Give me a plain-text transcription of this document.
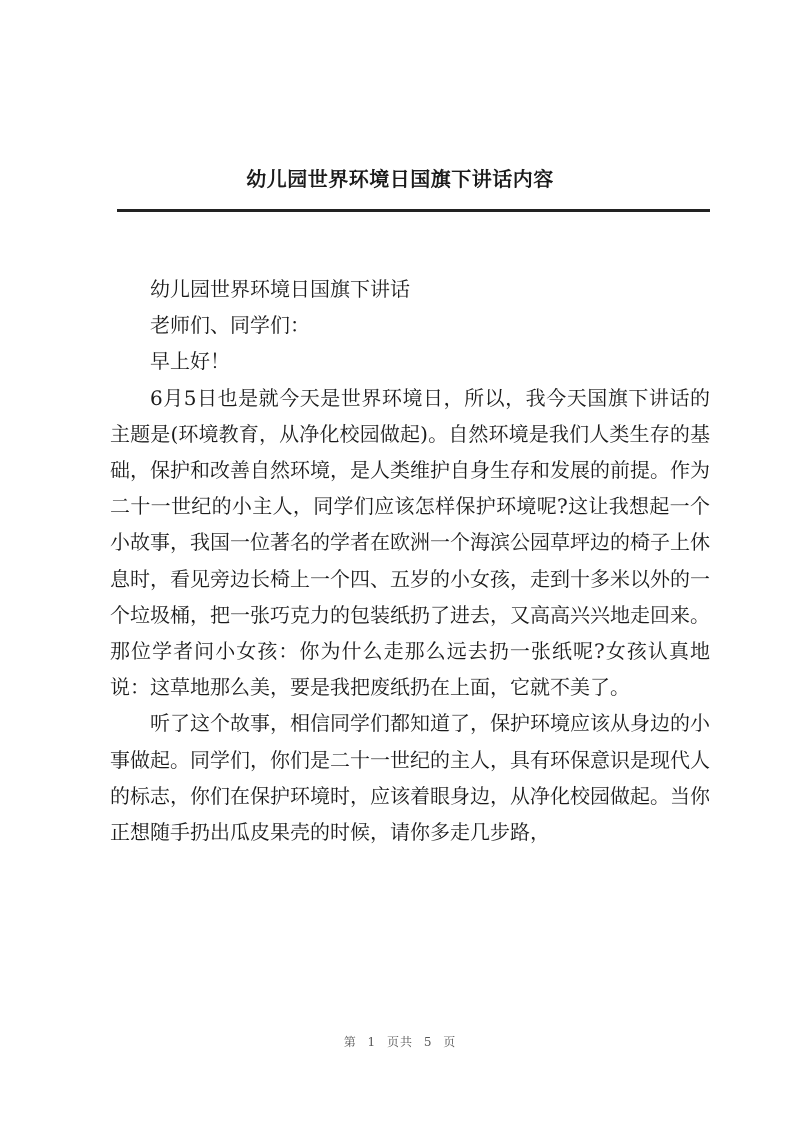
幼儿园世界环境日国旗下讲话内容

幼儿园世界环境日国旗下讲话

老师们、同学们：

早上好！

6月5日也是就今天是世界环境日，所以，我今天国旗下讲话的主题是(环境教育，从净化校园做起)。自然环境是我们人类生存的基础，保护和改善自然环境，是人类维护自身生存和发展的前提。作为二十一世纪的小主人，同学们应该怎样保护环境呢?这让我想起一个小故事，我国一位著名的学者在欧洲一个海滨公园草坪边的椅子上休息时，看见旁边长椅上一个四、五岁的小女孩，走到十多米以外的一个垃圾桶，把一张巧克力的包装纸扔了进去，又高高兴兴地走回来。那位学者问小女孩：你为什么走那么远去扔一张纸呢?女孩认真地说：这草地那么美，要是我把废纸扔在上面，它就不美了。

听了这个故事，相信同学们都知道了，保护环境应该从身边的小事做起。同学们，你们是二十一世纪的主人，具有环保意识是现代人的标志，你们在保护环境时，应该着眼身边，从净化校园做起。当你正想随手扔出瓜皮果壳的时候，请你多走几步路，

第 1 页共 5 页
